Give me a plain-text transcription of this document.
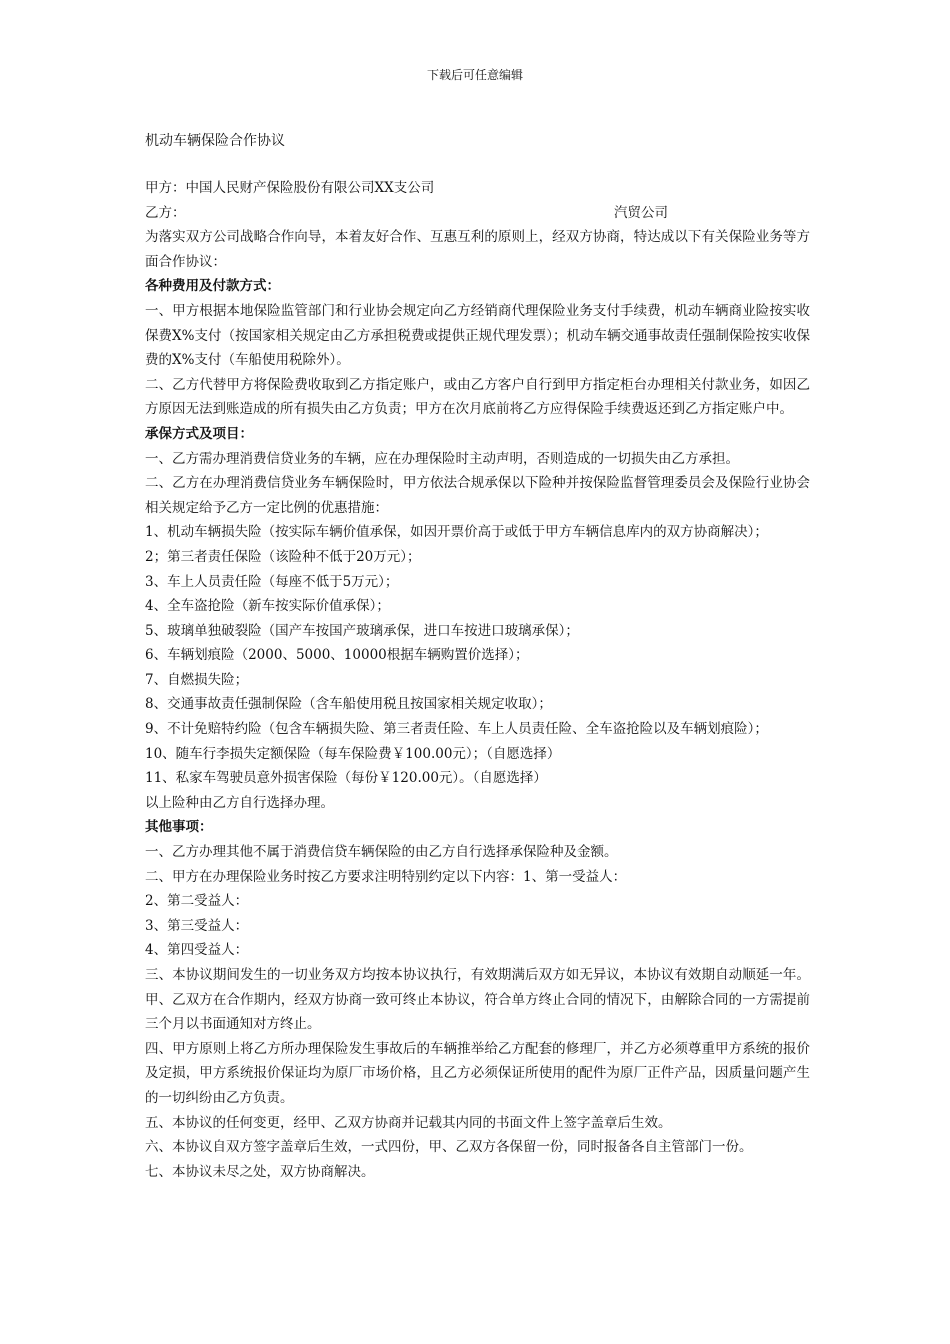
下载后可任意编辑
机动车辆保险合作协议

甲方：中国人民财产保险股份有限公司XX支公司

乙方：	汽贸公司

为落实双方公司战略合作向导，本着友好合作、互惠互利的原则上，经双方协商，特达成以下有关保险业务等方面合作协议：

各种费用及付款方式：

一、甲方根据本地保险监管部门和行业协会规定向乙方经销商代理保险业务支付手续费，机动车辆商业险按实收保费X%支付（按国家相关规定由乙方承担税费或提供正规代理发票）；机动车辆交通事故责任强制保险按实收保费的X%支付（车船使用税除外）。

二、乙方代替甲方将保险费收取到乙方指定账户，或由乙方客户自行到甲方指定柜台办理相关付款业务，如因乙方原因无法到账造成的所有损失由乙方负责；甲方在次月底前将乙方应得保险手续费返还到乙方指定账户中。

承保方式及项目：

一、乙方需办理消费信贷业务的车辆，应在办理保险时主动声明，否则造成的一切损失由乙方承担。

二、乙方在办理消费信贷业务车辆保险时，甲方依法合规承保以下险种并按保险监督管理委员会及保险行业协会相关规定给予乙方一定比例的优惠措施：

1、机动车辆损失险（按实际车辆价值承保，如因开票价高于或低于甲方车辆信息库内的双方协商解决）；

2；第三者责任保险（该险种不低于20万元）；

3、车上人员责任险（每座不低于5万元）；

4、全车盗抢险（新车按实际价值承保）；

5、玻璃单独破裂险（国产车按国产玻璃承保，进口车按进口玻璃承保）；

6、车辆划痕险（2000、5000、10000根据车辆购置价选择）；

7、自燃损失险；

8、交通事故责任强制保险（含车船使用税且按国家相关规定收取）；

9、不计免赔特约险（包含车辆损失险、第三者责任险、车上人员责任险、全车盗抢险以及车辆划痕险）；

10、随车行李损失定额保险（每车保险费￥100.00元）；（自愿选择）

11、私家车驾驶员意外损害保险（每份￥120.00元）。（自愿选择）

以上险种由乙方自行选择办理。

其他事项：

一、乙方办理其他不属于消费信贷车辆保险的由乙方自行选择承保险种及金额。

二、甲方在办理保险业务时按乙方要求注明特别约定以下内容：1、第一受益人：

2、第二受益人：

3、第三受益人：

4、第四受益人：

三、本协议期间发生的一切业务双方均按本协议执行，有效期满后双方如无异议，本协议有效期自动顺延一年。甲、乙双方在合作期内，经双方协商一致可终止本协议，符合单方终止合同的情况下，由解除合同的一方需提前三个月以书面通知对方终止。

四、甲方原则上将乙方所办理保险发生事故后的车辆推举给乙方配套的修理厂，并乙方必须尊重甲方系统的报价及定损，甲方系统报价保证均为原厂市场价格，且乙方必须保证所使用的配件为原厂正件产品，因质量问题产生的一切纠纷由乙方负责。

五、本协议的任何变更，经甲、乙双方协商并记载其内同的书面文件上签字盖章后生效。

六、本协议自双方签字盖章后生效，一式四份，甲、乙双方各保留一份，同时报备各自主管部门一份。

七、本协议未尽之处，双方协商解决。
